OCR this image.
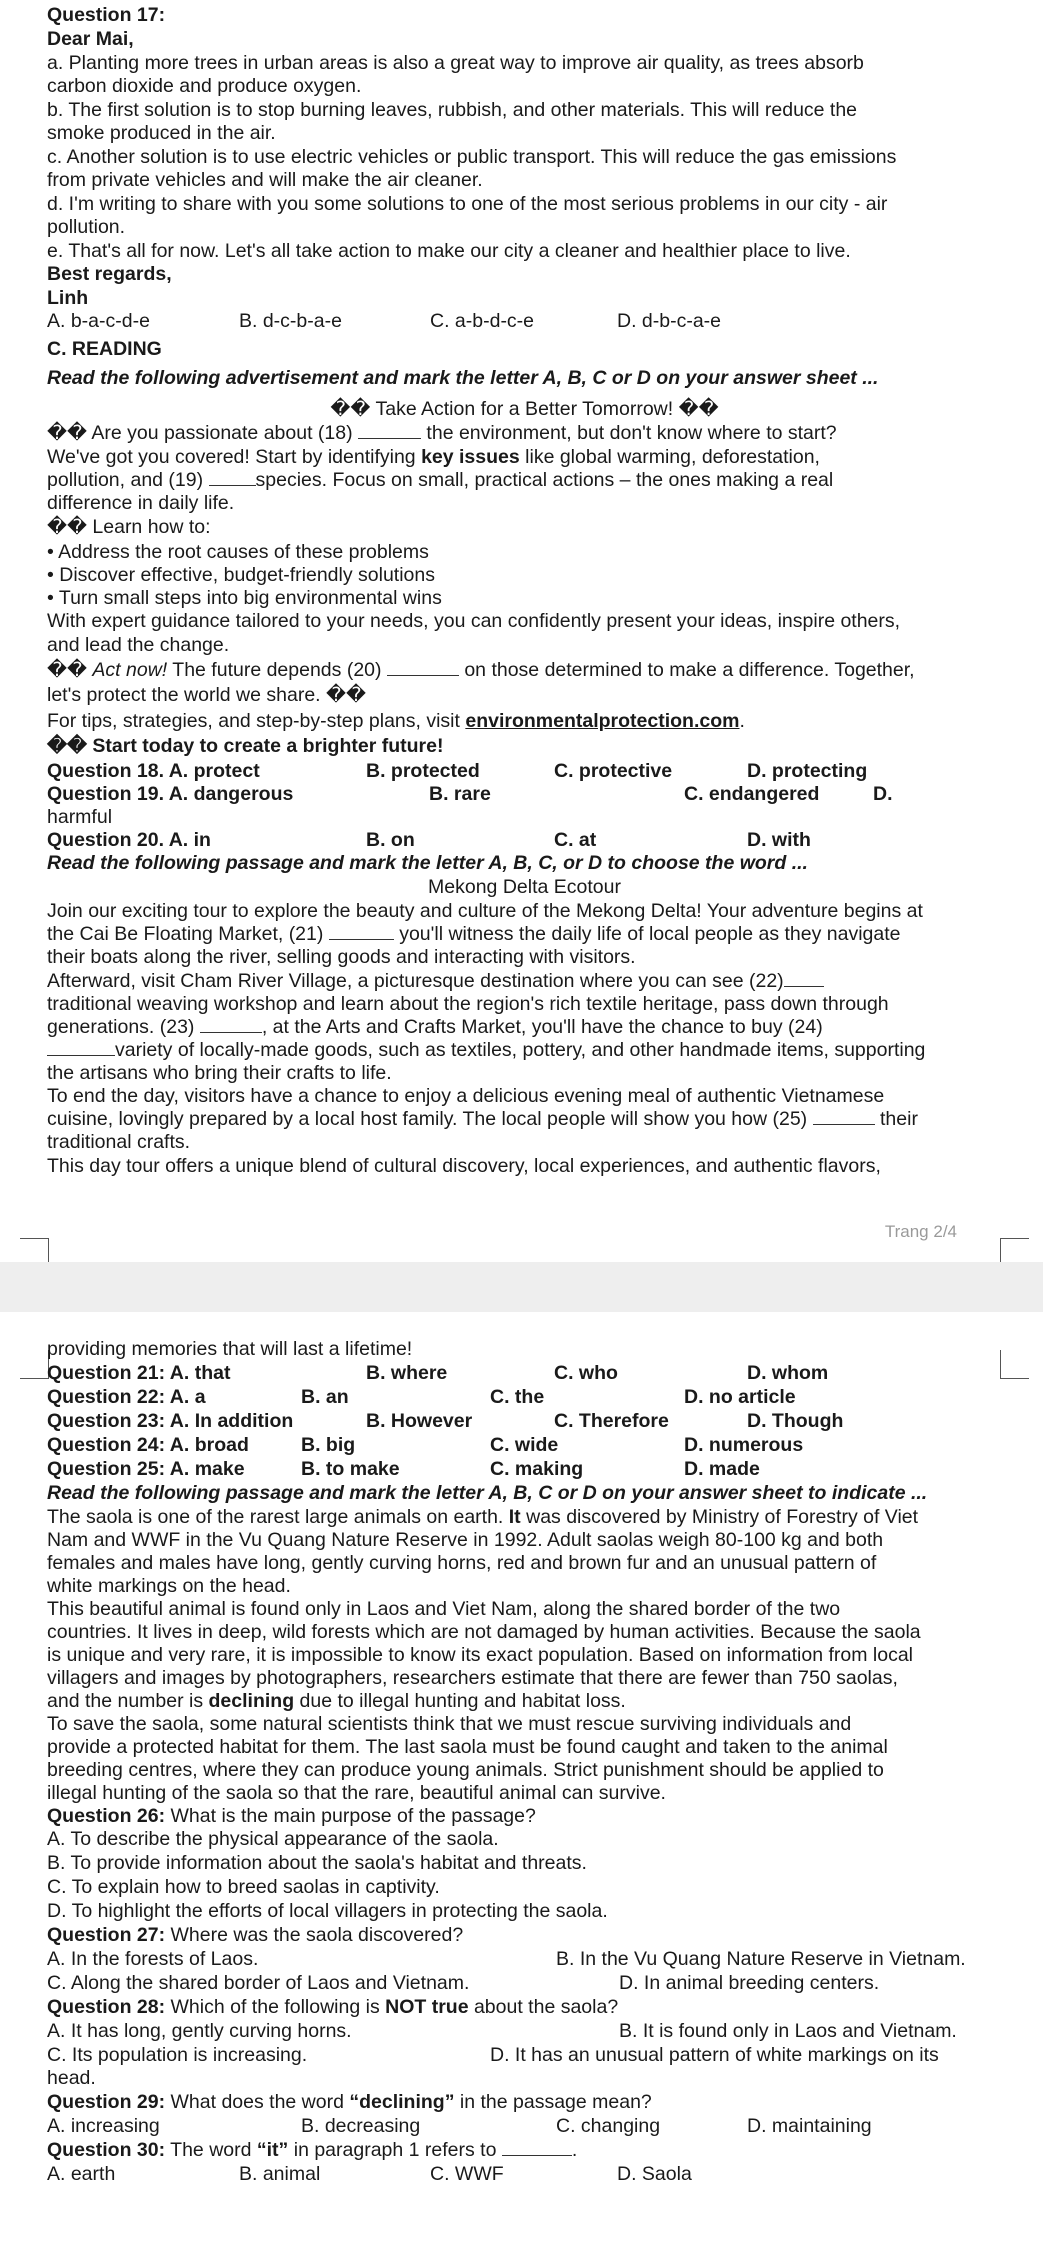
Question 17:
Dear Mai,
a. Planting more trees in urban areas is also a great way to improve air quality, as trees absorb
carbon dioxide and produce oxygen.
b. The first solution is to stop burning leaves, rubbish, and other materials. This will reduce the
smoke produced in the air.
c. Another solution is to use electric vehicles or public transport. This will reduce the gas emissions
from private vehicles and will make the air cleaner.
d. I'm writing to share with you some solutions to one of the most serious problems in our city - air
pollution.
e. That's all for now. Let's all take action to make our city a cleaner and healthier place to live.
Best regards,
Linh
A. b-a-c-d-e	B. d-c-b-a-e	C. a-b-d-c-e	D. d-b-c-a-e
C. READING
Read the following advertisement and mark the letter A, B, C or D on your answer sheet ...
�� Take Action for a Better Tomorrow! ��
�� Are you passionate about (18)	the environment, but don't know where to start?
We've got you covered! Start by identifying key issues like global warming, deforestation,
pollution, and (19) species. Focus on small, practical actions – the ones making a real
difference in daily life.
�� Learn how to:
• Address the root causes of these problems
• Discover effective, budget-friendly solutions
• Turn small steps into big environmental wins
With expert guidance tailored to your needs, you can confidently present your ideas, inspire others,
and lead the change.
�� Act now! The future depends (20)	on those determined to make a difference. Together,
let's protect the world we share. ��
For tips, strategies, and step-by-step plans, visit environmentalprotection.com.
�� Start today to create a brighter future!
Question 18. A. protect	B. protected	C. protective	D. protecting
Question 19. A. dangerous	B. rare	C. endangered	D.
harmful
Question 20. A. in	B. on	C. at	D. with
Read the following passage and mark the letter A, B, C, or D to choose the word ...
Mekong Delta Ecotour
Join our exciting tour to explore the beauty and culture of the Mekong Delta! Your adventure begins at
the Cai Be Floating Market, (21)	you'll witness the daily life of local people as they navigate
their boats along the river, selling goods and interacting with visitors.
Afterward, visit Cham River Village, a picturesque destination where you can see (22)
traditional weaving workshop and learn about the region's rich textile heritage, pass down through
generations. (23)	, at the Arts and Crafts Market, you'll have the chance to buy (24)
variety of locally-made goods, such as textiles, pottery, and other handmade items, supporting
the artisans who bring their crafts to life.
To end the day, visitors have a chance to enjoy a delicious evening meal of authentic Vietnamese
cuisine, lovingly prepared by a local host family. The local people will show you how (25)	their
traditional crafts.
This day tour offers a unique blend of cultural discovery, local experiences, and authentic flavors,
Trang 2/4
providing memories that will last a lifetime!
Question 21: A. that	B. where	C. who	D. whom
Question 22: A. a	B. an	C. the	D. no article
Question 23: A. In addition	B. However	C. Therefore	D. Though
Question 24: A. broad	B. big	C. wide	D. numerous
Question 25: A. make	B. to make	C. making	D. made
Read the following passage and mark the letter A, B, C or D on your answer sheet to indicate ...
The saola is one of the rarest large animals on earth. It was discovered by Ministry of Forestry of Viet
Nam and WWF in the Vu Quang Nature Reserve in 1992. Adult saolas weigh 80-100 kg and both
females and males have long, gently curving horns, red and brown fur and an unusual pattern of
white markings on the head.
This beautiful animal is found only in Laos and Viet Nam, along the shared border of the two
countries. It lives in deep, wild forests which are not damaged by human activities. Because the saola
is unique and very rare, it is impossible to know its exact population. Based on information from local
villagers and images by photographers, researchers estimate that there are fewer than 750 saolas,
and the number is declining due to illegal hunting and habitat loss.
To save the saola, some natural scientists think that we must rescue surviving individuals and
provide a protected habitat for them. The last saola must be found caught and taken to the animal
breeding centres, where they can produce young animals. Strict punishment should be applied to
illegal hunting of the saola so that the rare, beautiful animal can survive.
Question 26: What is the main purpose of the passage?
A. To describe the physical appearance of the saola.
B. To provide information about the saola's habitat and threats.
C. To explain how to breed saolas in captivity.
D. To highlight the efforts of local villagers in protecting the saola.
Question 27: Where was the saola discovered?
A. In the forests of Laos.	B. In the Vu Quang Nature Reserve in Vietnam.
C. Along the shared border of Laos and Vietnam.	D. In animal breeding centers.
Question 28: Which of the following is NOT true about the saola?
A. It has long, gently curving horns.	B. It is found only in Laos and Vietnam.
C. Its population is increasing.	D. It has an unusual pattern of white markings on its
head.
Question 29: What does the word “declining” in the passage mean?
A. increasing	B. decreasing	C. changing	D. maintaining
Question 30: The word “it” in paragraph 1 refers to	.
A. earth	B. animal	C. WWF	D. Saola
